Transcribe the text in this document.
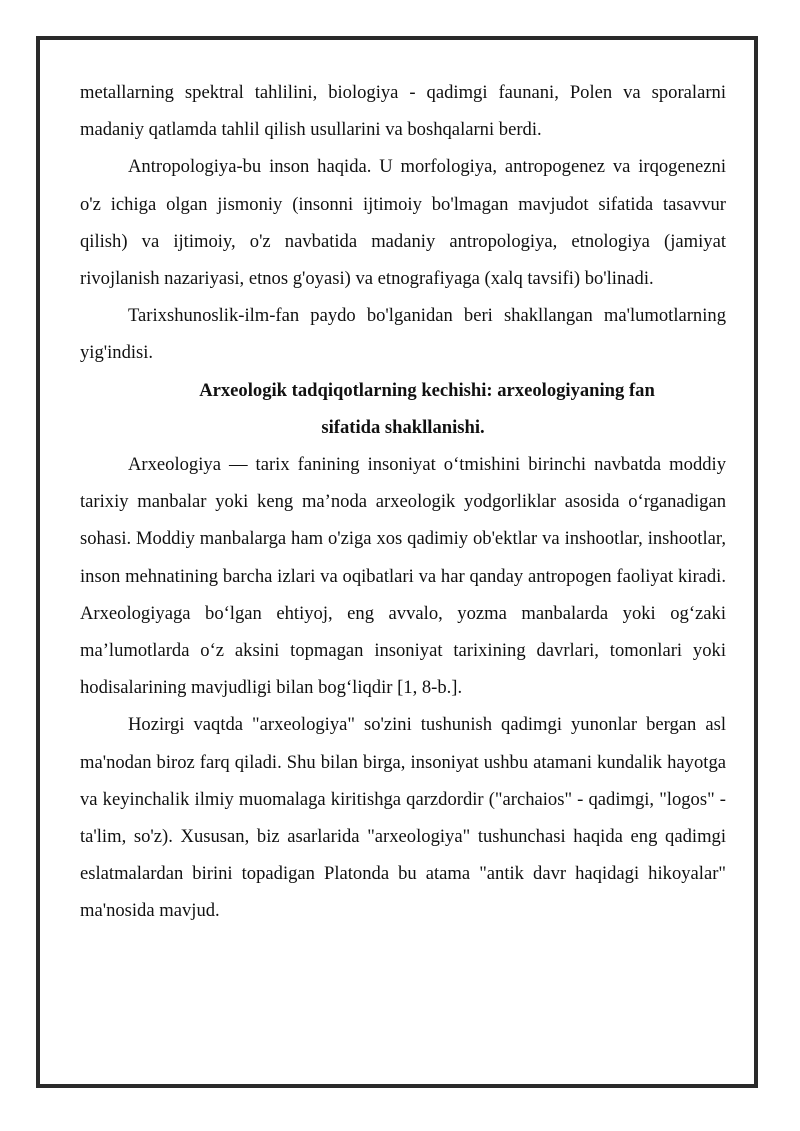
metallarning spektral tahlilini, biologiya - qadimgi faunani, Polen va sporalarni madaniy qatlamda tahlil qilish usullarini va boshqalarni berdi.

Antropologiya-bu inson haqida. U morfologiya, antropogenez va irqogenezni o'z ichiga olgan jismoniy (insonni ijtimoiy bo'lmagan mavjudot sifatida tasavvur qilish) va ijtimoiy, o'z navbatida madaniy antropologiya, etnologiya (jamiyat rivojlanish nazariyasi, etnos g'oyasi) va etnografiyaga (xalq tavsifi) bo'linadi.

Tarixshunoslik-ilm-fan paydo bo'lganidan beri shakllangan ma'lumotlarning yig'indisi.

Arxeologik tadqiqotlarning kechishi: arxeologiyaning fan
sifatida shakllanishi.

Arxeologiya — tarix fanining insoniyat oʻtmishini birinchi navbatda moddiy tarixiy manbalar yoki keng maʼnoda arxeologik yodgorliklar asosida oʻrganadigan sohasi. Moddiy manbalarga ham o'ziga xos qadimiy ob'ektlar va inshootlar, inshootlar, inson mehnatining barcha izlari va oqibatlari va har qanday antropogen faoliyat kiradi. Arxeologiyaga boʻlgan ehtiyoj, eng avvalo, yozma manbalarda yoki ogʻzaki maʼlumotlarda oʻz aksini topmagan insoniyat tarixining davrlari, tomonlari yoki hodisalarining mavjudligi bilan bogʻliqdir [1, 8-b.].

Hozirgi vaqtda "arxeologiya" so'zini tushunish qadimgi yunonlar bergan asl ma'nodan biroz farq qiladi. Shu bilan birga, insoniyat ushbu atamani kundalik hayotga va keyinchalik ilmiy muomalaga kiritishga qarzdordir ("archaios" - qadimgi, "logos" - ta'lim, so'z). Xususan, biz asarlarida "arxeologiya" tushunchasi haqida eng qadimgi eslatmalardan birini topadigan Platonda bu atama "antik davr haqidagi hikoyalar" ma'nosida mavjud.
